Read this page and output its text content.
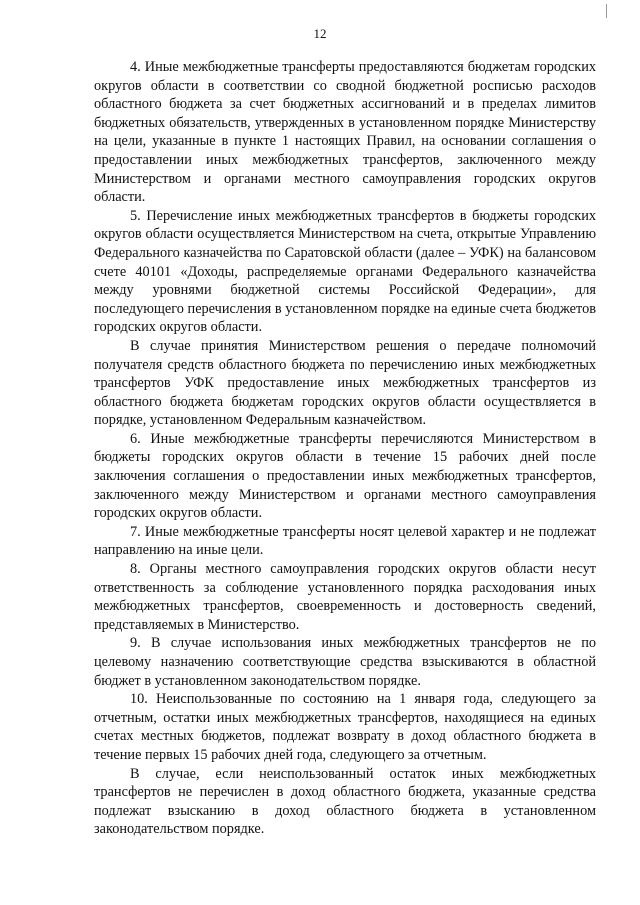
12

4. Иные межбюджетные трансферты предоставляются бюджетам городских округов области в соответствии со сводной бюджетной росписью расходов областного бюджета за счет бюджетных ассигнований и в пределах лимитов бюджетных обязательств, утвержденных в установленном порядке Министерству на цели, указанные в пункте 1 настоящих Правил, на основании соглашения о предоставлении иных межбюджетных трансфертов, заключенного между Министерством и органами местного самоуправления городских округов области.

5. Перечисление иных межбюджетных трансфертов в бюджеты городских округов области осуществляется Министерством на счета, открытые Управлению Федерального казначейства по Саратовской области (далее – УФК) на балансовом счете 40101 «Доходы, распределяемые органами Федерального казначейства между уровнями бюджетной системы Российской Федерации», для последующего перечисления в установленном порядке на единые счета бюджетов городских округов области.

В случае принятия Министерством решения о передаче полномочий получателя средств областного бюджета по перечислению иных межбюджетных трансфертов УФК предоставление иных межбюджетных трансфертов из областного бюджета бюджетам городских округов области осуществляется в порядке, установленном Федеральным казначейством.

6. Иные межбюджетные трансферты перечисляются Министерством в бюджеты городских округов области в течение 15 рабочих дней после заключения соглашения о предоставлении иных межбюджетных трансфертов, заключенного между Министерством и органами местного самоуправления городских округов области.

7. Иные межбюджетные трансферты носят целевой характер и не подлежат направлению на иные цели.

8. Органы местного самоуправления городских округов области несут ответственность за соблюдение установленного порядка расходования иных межбюджетных трансфертов, своевременность и достоверность сведений, представляемых в Министерство.

9. В случае использования иных межбюджетных трансфертов не по целевому назначению соответствующие средства взыскиваются в областной бюджет в установленном законодательством порядке.

10. Неиспользованные по состоянию на 1 января года, следующего за отчетным, остатки иных межбюджетных трансфертов, находящиеся на единых счетах местных бюджетов, подлежат возврату в доход областного бюджета в течение первых 15 рабочих дней года, следующего за отчетным.

В случае, если неиспользованный остаток иных межбюджетных трансфертов не перечислен в доход областного бюджета, указанные средства подлежат взысканию в доход областного бюджета в установленном законодательством порядке.
